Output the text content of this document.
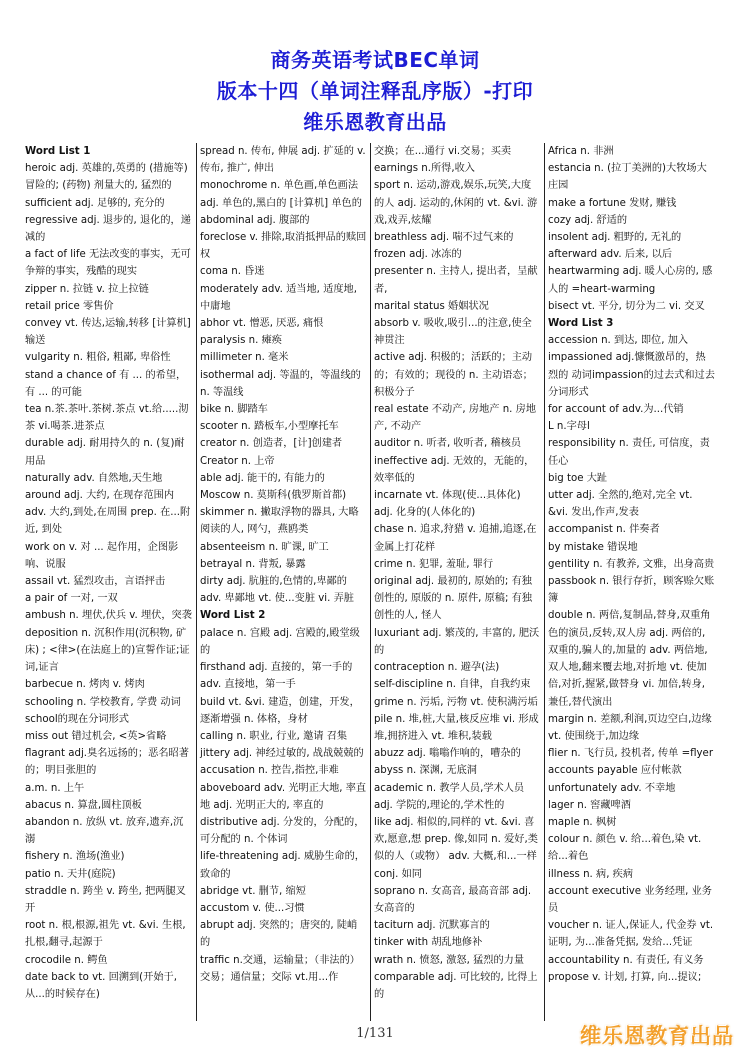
商务英语考试BEC单词
版本十四（单词注释乱序版）-打印
维乐恩教育出品

Word List 1

heroic adj. 英雄的,英勇的 (措施等) 冒险的; (药物) 剂量大的, 猛烈的

sufficient adj. 足够的, 充分的

regressive adj. 退步的, 退化的，递减的

a fact of life 无法改变的事实，无可争辩的事实，残酷的现实

zipper n. 拉链 v. 拉上拉链

retail price 零售价

convey vt. 传达,运输,转移 [计算机] 输送

vulgarity n. 粗俗, 粗鄙, 卑俗性

stand a chance of 有 ... 的希望，有 ... 的可能

tea n.茶.茶叶.茶树.茶点 vt.给.....沏茶 vi.喝茶.进茶点

durable adj. 耐用持久的 n. (复)耐用品

naturally adv. 自然地,天生地

around adj. 大约, 在现存范围内 adv. 大约,到处,在周围 prep. 在...附近, 到处

work on v. 对 ... 起作用，企图影响、说服

assail vt. 猛烈攻击，言语抨击

a pair of 一对, 一双

ambush n. 埋伏,伏兵 v. 埋伏，突袭

deposition n. 沉积作用(沉积物, 矿床) ; <律>(在法庭上的)宣誓作证;证词,证言

barbecue n. 烤肉 v. 烤肉

schooling n. 学校教育, 学费 动词school的现在分词形式

miss out 错过机会, <英>省略

flagrant adj.臭名远扬的；恶名昭著的；明目张胆的

a.m. n. 上午

abacus n. 算盘,圆柱顶板

abandon n. 放纵 vt. 放弃,遗弃,沉溺

fishery n. 渔场(渔业)

patio n. 天井(庭院)

straddle n. 跨坐 v. 跨坐, 把两腿叉开

root n. 根,根源,祖先 vt. &vi. 生根,扎根,翻寻,起源于

crocodile n. 鳄鱼

date back to vt. 回溯到(开始于,从...的时候存在)

spread n. 传布, 伸展 adj. 扩延的 v. 传布, 推广, 伸出

monochrome n. 单色画,单色画法 adj. 单色的,黑白的 [计算机] 单色的

abdominal adj. 腹部的

foreclose v. 排除,取消抵押品的赎回权

coma n. 昏迷

moderately adv. 适当地, 适度地,中庸地

abhor vt. 憎恶, 厌恶, 痛恨

paralysis n. 瘫痪

millimeter n. 毫米

isothermal adj. 等温的，等温线的 n. 等温线

bike n. 脚踏车

scooter n. 踏板车,小型摩托车

creator n. 创造者，[计]创建者 Creator n. 上帝

able adj. 能干的, 有能力的

Moscow n. 莫斯科(俄罗斯首都)

skimmer n. 撇取浮物的器具, 大略阅读的人, 网勺，燕鸥类

absenteeism n. 旷课, 旷工

betrayal n. 背叛, 暴露

dirty adj. 肮脏的,色情的,卑鄙的 adv. 卑鄙地 vt. 使...变脏 vi. 弄脏

Word List 2

palace n. 宫殿 adj. 宫殿的,殿堂级的

firsthand adj. 直接的，第一手的 adv. 直接地，第一手

build vt. &vi. 建造，创建，开发，逐渐增强 n. 体格，身材

calling n. 职业, 行业, 邀请 召集

jittery adj. 神经过敏的, 战战兢兢的

accusation n. 控告,指控,非难

aboveboard adv. 光明正大地, 率直地 adj. 光明正大的, 率直的

distributive adj. 分发的，分配的，可分配的 n. 个体词

life-threatening adj. 威胁生命的，致命的

abridge vt. 删节, 缩短

accustom v. 使...习惯

abrupt adj. 突然的；唐突的, 陡峭的

traffic n.交通，运输量；（非法的）交易；通信量；交际 vt.用...作

交换；在...通行 vi.交易；买卖

earnings n.所得,收入

sport n. 运动,游戏,娱乐,玩笑,大度的人 adj. 运动的,休闲的 vt. &vi. 游戏,戏弄,炫耀

breathless adj. 喘不过气来的

frozen adj. 冰冻的

presenter n. 主持人, 提出者，呈献者,

marital status 婚姻状况

absorb v. 吸收,吸引...的注意,使全神贯注

active adj. 积极的；活跃的；主动的；有效的；现役的 n. 主动语态；积极分子

real estate 不动产, 房地产 n. 房地产, 不动产

auditor n. 听者, 收听者, 稽核员

ineffective adj. 无效的，无能的，效率低的

incarnate vt. 体现(使...具体化) adj. 化身的(人体化的)

chase n. 追求,狩猎 v. 追捕,追逐,在金属上打花样

crime n. 犯罪, 羞耻, 罪行

original adj. 最初的, 原始的; 有独创性的, 原版的 n. 原件, 原稿; 有独创性的人, 怪人

luxuriant adj. 繁茂的, 丰富的, 肥沃的

contraception n. 避孕(法)

self-discipline n. 自律，自我约束

grime n. 污垢, 污物 vt. 使积满污垢

pile n. 堆,桩,大量,核反应堆 vi. 形成堆,拥挤进入 vt. 堆积,装载

abuzz adj. 嗡嗡作响的，嘈杂的

abyss n. 深渊, 无底洞

academic n. 教学人员,学术人员 adj. 学院的,理论的,学术性的

like adj. 相似的,同样的 vt. &vi. 喜欢,愿意,想 prep. 像,如同 n. 爱好,类似的人（或物） adv. 大概,和...一样 conj. 如同

soprano n. 女高音, 最高音部 adj. 女高音的

taciturn adj. 沉默寡言的

tinker with 胡乱地修补

wrath n. 愤怒, 激怒, 猛烈的力量

comparable adj. 可比较的, 比得上的

Africa n. 非洲

estancia n. (拉丁美洲的)大牧场大庄园

make a fortune 发财, 赚钱

cozy adj. 舒适的

insolent adj. 粗野的, 无礼的

afterward adv. 后来, 以后

heartwarming adj. 暖人心房的, 感人的 =heart-warming

bisect vt. 平分, 切分为二 vi. 交叉

Word List 3

accession n. 到达, 即位, 加入

impassioned adj.慷慨激昂的，热烈的 动词impassion的过去式和过去分词形式

for account of adv.为...代销

L n.字母l

responsibility n. 责任, 可信度，责任心

big toe 大趾

utter adj. 全然的,绝对,完全 vt. &vi. 发出,作声,发表

accompanist n. 伴奏者

by mistake 错误地

gentility n. 有教养, 文雅，出身高贵

passbook n. 银行存折，顾客赊欠账簿

double n. 两倍,复制品,替身,双重角色的演员,反转,双人房 adj. 两倍的,双重的,骗人的,加量的 adv. 两倍地,双人地,翻来覆去地,对折地 vt. 使加倍,对折,握紧,做替身 vi. 加倍,转身,兼任,替代演出

margin n. 差额,利润,页边空白,边缘 vt. 使围绕于,加边缘

flier n. 飞行员, 投机者, 传单 =flyer

accounts payable 应付帐款

unfortunately adv. 不幸地

lager n. 窖藏啤酒

maple n. 枫树

colour n. 颜色 v. 给...着色,染 vt. 给...着色

illness n. 病, 疾病

account executive 业务经理, 业务员

voucher n. 证人,保证人, 代金券 vt. 证明, 为...准备凭据, 发给...凭证

accountability n. 有责任, 有义务

propose v. 计划, 打算, 向...提议;

1/131	维乐恩教育出品
